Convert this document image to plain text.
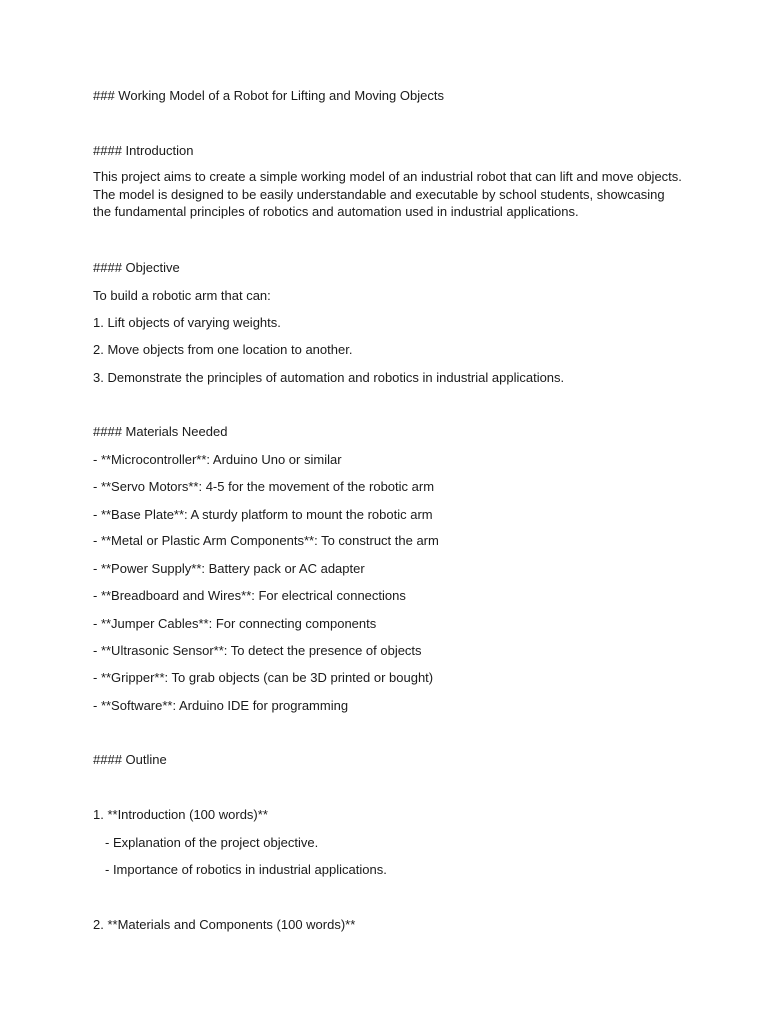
### Working Model of a Robot for Lifting and Moving Objects
#### Introduction
This project aims to create a simple working model of an industrial robot that can lift and move objects. The model is designed to be easily understandable and executable by school students, showcasing the fundamental principles of robotics and automation used in industrial applications.
#### Objective
To build a robotic arm that can:
1. Lift objects of varying weights.
2. Move objects from one location to another.
3. Demonstrate the principles of automation and robotics in industrial applications.
#### Materials Needed
- **Microcontroller**: Arduino Uno or similar
- **Servo Motors**: 4-5 for the movement of the robotic arm
- **Base Plate**: A sturdy platform to mount the robotic arm
- **Metal or Plastic Arm Components**: To construct the arm
- **Power Supply**: Battery pack or AC adapter
- **Breadboard and Wires**: For electrical connections
- **Jumper Cables**: For connecting components
- **Ultrasonic Sensor**: To detect the presence of objects
- **Gripper**: To grab objects (can be 3D printed or bought)
- **Software**: Arduino IDE for programming
#### Outline
1. **Introduction (100 words)**
- Explanation of the project objective.
- Importance of robotics in industrial applications.
2. **Materials and Components (100 words)**
